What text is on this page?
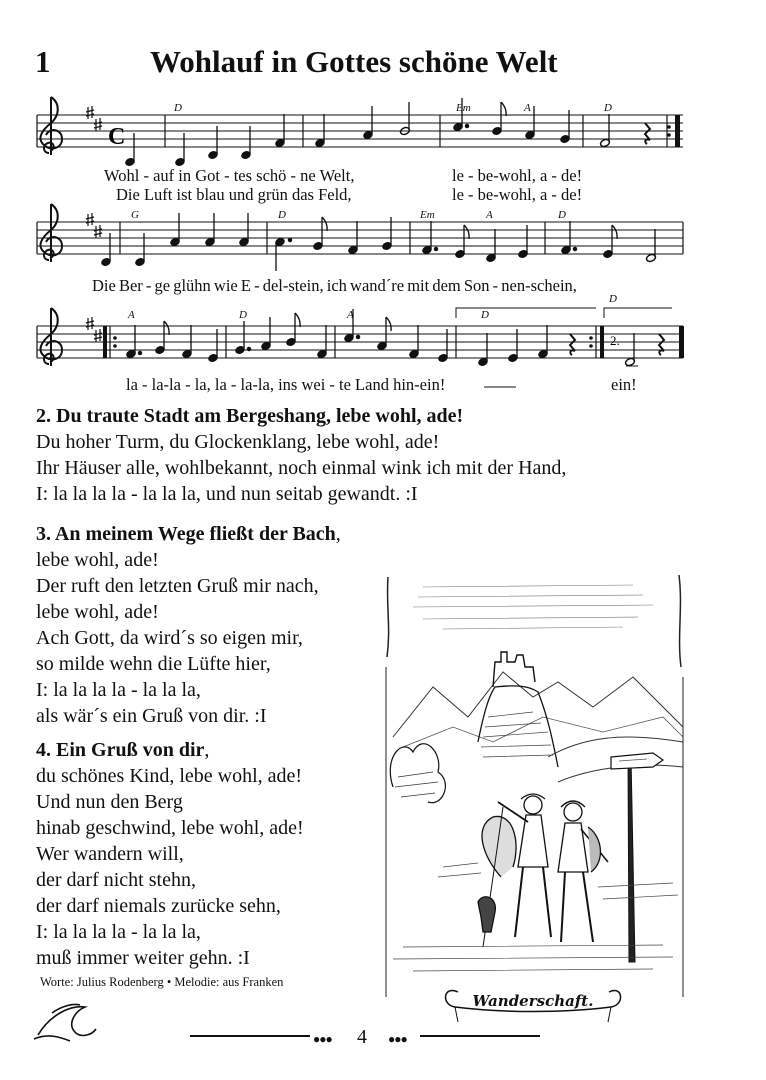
1	Wohlauf in Gottes schöne Welt
C
2.
D	Em	A	D
G	D	Em	A	D
A	D	A	D
D
Wohl - auf in Got - tes schö - ne Welt,	le - be-wohl, a - de!
Die Luft ist blau und grün das Feld,	le - be-wohl, a - de!
Die Ber - ge glühn wie E - del-stein, ich wand´re mit dem Son - nen-schein,
la - la-la - la, la - la-la, ins wei - te Land hin-ein!	ein!
2. Du traute Stadt am Bergeshang, lebe wohl, ade!
Du hoher Turm, du Glockenklang, lebe wohl, ade!
Ihr Häuser alle, wohlbekannt, noch einmal wink ich mit der Hand,
I: la la la la - la la la, und nun seitab gewandt. :I
3. An meinem Wege fließt der Bach,
lebe wohl, ade!
Der ruft den letzten Gruß mir nach,
lebe wohl, ade!
Ach Gott, da wird´s so eigen mir,
so milde wehn die Lüfte hier,
I: la la la la - la la la,
als wär´s ein Gruß von dir. :I
4. Ein Gruß von dir,
du schönes Kind, lebe wohl, ade!
Und nun den Berg
hinab geschwind, lebe wohl, ade!
Wer wandern will,
der darf nicht stehn,
der darf niemals zurücke sehn,
I: la la la la - la la la,
muß immer weiter gehn. :I
Worte: Julius Rodenberg • Melodie: aus Franken
Wanderschaft.
●●● 4 ●●●
